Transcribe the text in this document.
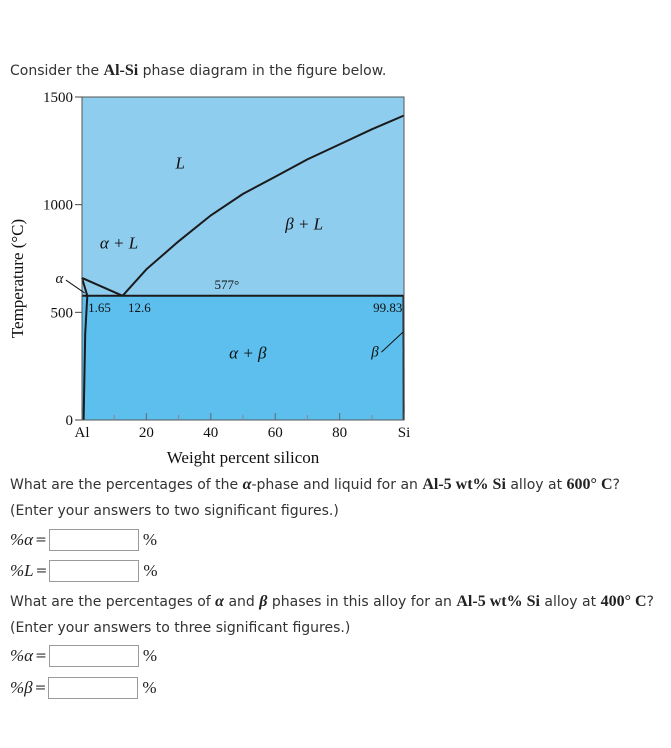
Consider the Al-Si phase diagram in the figure below.
Al	20	40	60	80	Si
0
500
1000
1500
Weight percent silicon
Temperature (°C)
L
α + L
β + L
α + β
α
β
577°
1.65 12.6	99.83
What are the percentages of the α-phase and liquid for an Al-5 wt% Si alloy at 600° C?
(Enter your answers to two significant figures.)
%α =	%
%L =	%
What are the percentages of α and β phases in this alloy for an Al-5 wt% Si alloy at 400° C?
(Enter your answers to three significant figures.)
%α =	%
%β =	%
